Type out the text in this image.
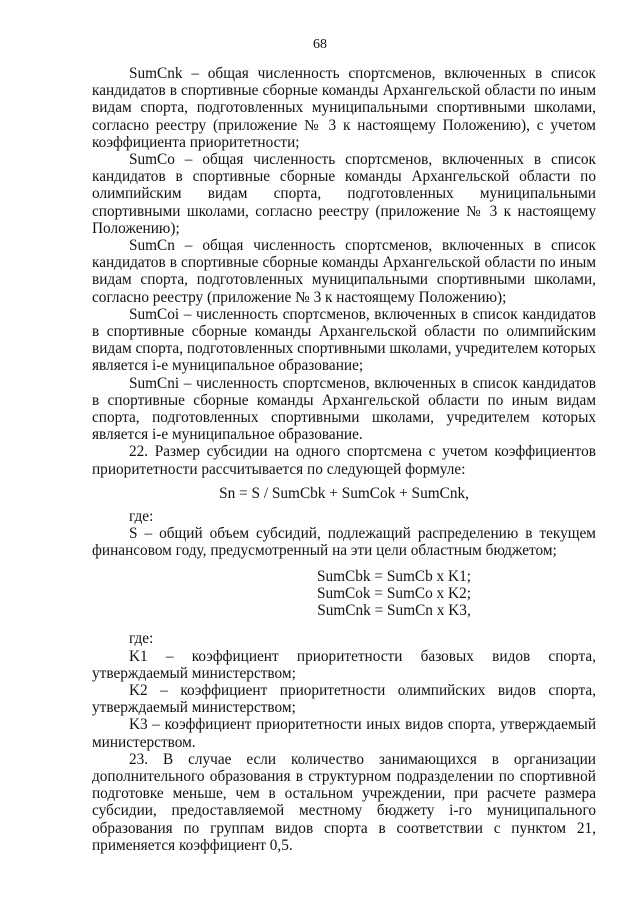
68

SumCnk – общая численность спортсменов, включенных в список кандидатов в спортивные сборные команды Архангельской области по иным видам спорта, подготовленных муниципальными спортивными школами, согласно реестру (приложение № 3 к настоящему Положению), с учетом коэффициента приоритетности;

SumCo – общая численность спортсменов, включенных в список кандидатов в спортивные сборные команды Архангельской области по олимпийским видам спорта, подготовленных муниципальными спортивными школами, согласно реестру (приложение № 3 к настоящему Положению);

SumCn – общая численность спортсменов, включенных в список кандидатов в спортивные сборные команды Архангельской области по иным видам спорта, подготовленных муниципальными спортивными школами, согласно реестру (приложение № 3 к настоящему Положению);

SumCoi – численность спортсменов, включенных в список кандидатов в спортивные сборные команды Архангельской области по олимпийским видам спорта, подготовленных спортивными школами, учредителем которых является i-е муниципальное образование;

SumCni – численность спортсменов, включенных в список кандидатов в спортивные сборные команды Архангельской области по иным видам спорта, подготовленных спортивными школами, учредителем которых является i-е муниципальное образование.

22. Размер субсидии на одного спортсмена с учетом коэффициентов приоритетности рассчитывается по следующей формуле:

Sn = S / SumCbk + SumCok + SumCnk,

где:

S – общий объем субсидий, подлежащий распределению в текущем финансовом году, предусмотренный на эти цели областным бюджетом;

SumCbk = SumCb x K1;

SumCok = SumCo x K2;

SumCnk = SumCn x K3,

где:

K1 – коэффициент приоритетности базовых видов спорта, утверждаемый министерством;

K2 – коэффициент приоритетности олимпийских видов спорта, утверждаемый министерством;

K3 – коэффициент приоритетности иных видов спорта, утверждаемый министерством.

23. В случае если количество занимающихся в организации дополнительного образования в структурном подразделении по спортивной подготовке меньше, чем в остальном учреждении, при расчете размера субсидии, предоставляемой местному бюджету i-го муниципального образования по группам видов спорта в соответствии с пунктом 21, применяется коэффициент 0,5.
